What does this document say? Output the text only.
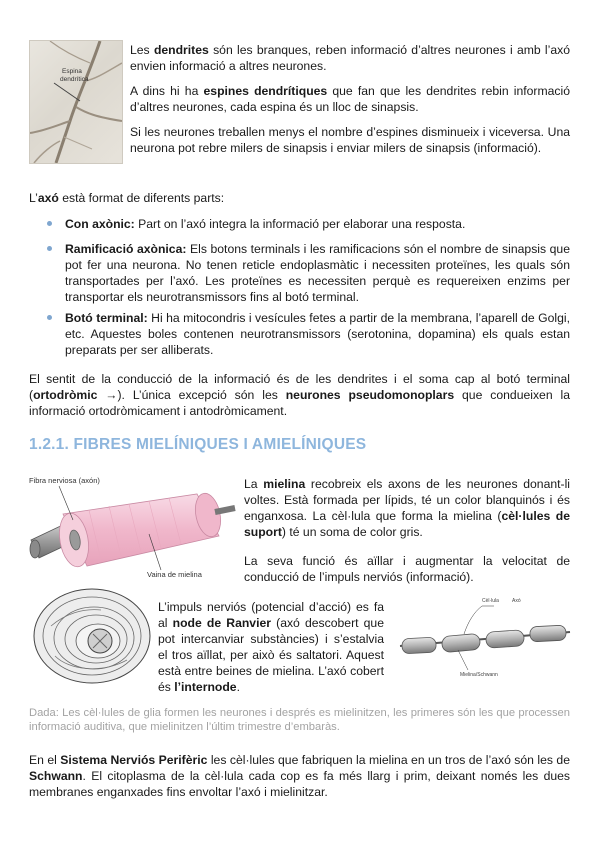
Espina
dendrítica

Les dendrites són les branques, reben informació d’altres neurones i amb l’axó envien informació a altres neurones.

A dins hi ha espines dendrítiques que fan que les dendrites rebin informació d’altres neurones, cada espina és un lloc de sinapsis.

Si les neurones treballen menys el nombre d’espines disminueix i viceversa. Una neurona pot rebre milers de sinapsis i enviar milers de sinapsis (informació).

L’axó està format de diferents parts:

Con axònic: Part on l’axó integra la informació per elaborar una resposta.
Ramificació axònica: Els botons terminals i les ramificacions són el nombre de sinapsis que pot fer una neurona. No tenen reticle endoplasmàtic i necessiten proteïnes, les quals són transportades per l’axó. Les proteïnes es necessiten perquè es requereixen enzims per transportar els neurotransmissors fins al botó terminal.
Botó terminal: Hi ha mitocondris i vesícules fetes a partir de la membrana, l’aparell de Golgi, etc. Aquestes boles contenen neurotransmissors (serotonina, dopamina) els quals estan preparats per ser alliberats.

El sentit de la conducció de la informació és de les dendrites i el soma cap al botó terminal (ortodròmic →). L’única excepció són les neurones pseudomonoplars que condueixen la informació ortodròmicament i antodròmicament.

1.2.1. FIBRES MIELÍNIQUES I AMIELÍNIQUES
Fibra nerviosa (axón)
Vaina de mielina

La mielina recobreix els axons de les neurones donant-li voltes. Està formada per lípids, té un color blanquinós i és enganxosa. La cèl·lula que forma la mielina (cèl·lules de suport) té un soma de color gris.

La seva funció és aïllar i augmentar la velocitat de conducció de l’impuls nerviós (informació).

L’impuls nerviós (potencial d’acció) es fa al node de Ranvier (axó descobert que pot intercanviar substàncies) i s’estalvia el tros aïllat, per això és saltatori. Aquest està entre beines de mielina. L’axó cobert és l’internode.

Cèl·lula	Axó
Mielina/Schwann

Dada: Les cèl·lules de glia formen les neurones i després es mielinitzen, les primeres són les que processen informació auditiva, que mielinitzen l’últim trimestre d’embaràs.

En el Sistema Nerviós Perifèric les cèl·lules que fabriquen la mielina en un tros de l’axó són les de Schwann. El citoplasma de la cèl·lula cada cop es fa més llarg i prim, deixant només les dues membranes enganxades fins envoltar l’axó i mielinitzar.
